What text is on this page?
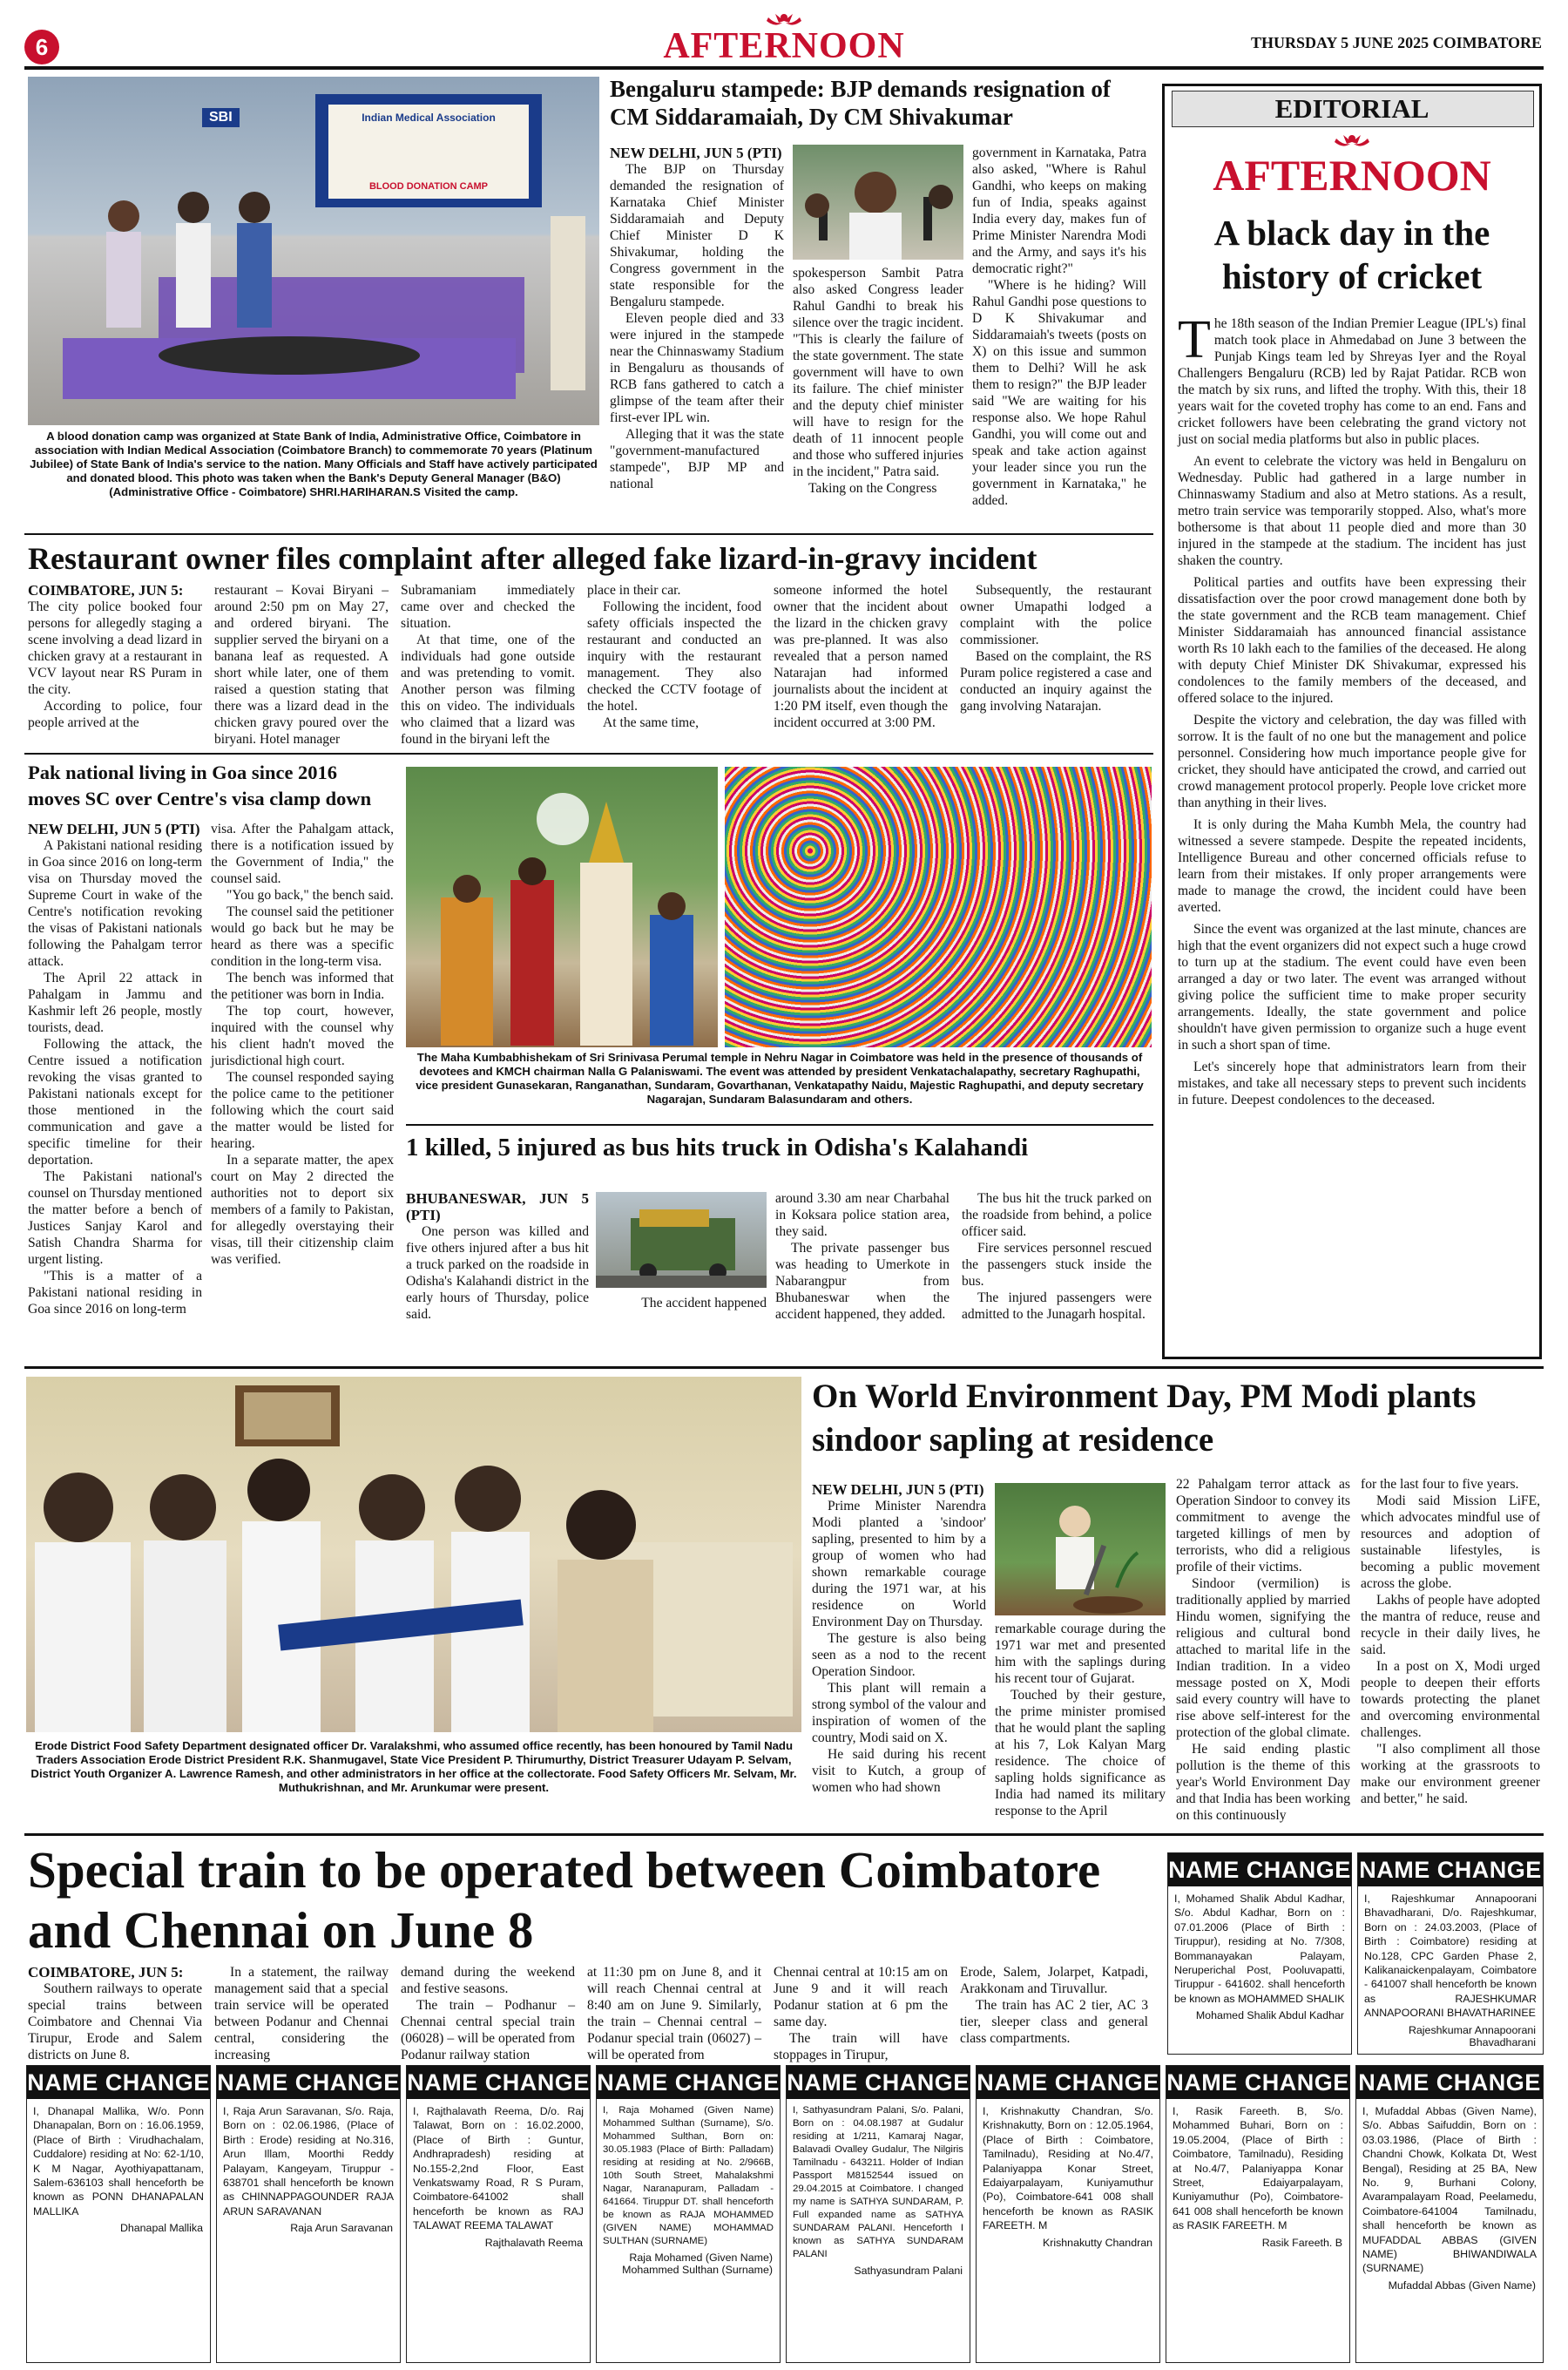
6	AFTERNOON	THURSDAY 5 JUNE 2025 COIMBATORE
SBI	Indian Medical Association
BLOOD DONATION CAMP
A blood donation camp was organized at State Bank of India, Administrative Office, Coimbatore in association with Indian Medical Association (Coimbatore Branch) to commemorate 70 years (Platinum Jubilee) of State Bank of India's service to the nation. Many Officials and Staff have actively participated and donated blood. This photo was taken when the Bank's Deputy General Manager (B&O) (Administrative Office - Coimbatore) SHRI.HARIHARAN.S Visited the camp.
Bengaluru stampede: BJP demands resignation of CM Siddaramaiah, Dy CM Shivakumar
NEW DELHI, JUN 5 (PTI)

The BJP on Thursday demanded the resignation of Karnataka Chief Minister Siddaramaiah and Deputy Chief Minister D K Shivakumar, holding the Congress government in the state responsible for the Bengaluru stampede.

Eleven people died and 33 were injured in the stampede near the Chinnaswamy Stadium in Bengaluru as thousands of RCB fans gathered to catch a glimpse of the team after their first-ever IPL win.

Alleging that it was the state "government-manufactured stampede", BJP MP and national

spokesperson Sambit Patra also asked Congress leader Rahul Gandhi to break his silence over the tragic incident. "This is clearly the failure of the state government. The state government will have to own its failure. The chief minister and the deputy chief minister will have to resign for the death of 11 innocent people and those who suffered injuries in the incident," Patra said.

Taking on the Congress

government in Karnataka, Patra also asked, "Where is Rahul Gandhi, who keeps on making fun of India, speaks against India every day, makes fun of Prime Minister Narendra Modi and the Army, and says it's his democratic right?"

"Where is he hiding? Will Rahul Gandhi pose questions to D K Shivakumar and Siddaramaiah's tweets (posts on X) on this issue and summon them to Delhi? Will he ask them to resign?" the BJP leader said "We are waiting for his response also. We hope Rahul Gandhi, you will come out and speak and take action against your leader since you run the government in Karnataka," he added.

EDITORIAL
AFTERNOON
A black day in the history of cricket
T he 18th season of the Indian Premier League (IPL's) final match took place in Ahmedabad on June 3 between the Punjab Kings team led by Shreyas Iyer and the Royal Challengers Bengaluru (RCB) led by Rajat Patidar. RCB won the match by six runs, and lifted the trophy. With this, their 18 years wait for the coveted trophy has come to an end. Fans and cricket followers have been celebrating the grand victory not just on social media platforms but also in public places.

An event to celebrate the victory was held in Bengaluru on Wednesday. Public had gathered in a large number in Chinnaswamy Stadium and also at Metro stations. As a result, metro train service was temporarily stopped. Also, what's more bothersome is that about 11 people died and more than 30 injured in the stampede at the stadium. The incident has just shaken the country.

Political parties and outfits have been expressing their dissatisfaction over the poor crowd management done both by the state government and the RCB team management. Chief Minister Siddaramaiah has announced financial assistance worth Rs 10 lakh each to the families of the deceased. He along with deputy Chief Minister DK Shivakumar, expressed his condolences to the family members of the deceased, and offered solace to the injured.

Despite the victory and celebration, the day was filled with sorrow. It is the fault of no one but the management and police personnel. Considering how much importance people give for cricket, they should have anticipated the crowd, and carried out crowd management protocol properly. People love cricket more than anything in their lives.

It is only during the Maha Kumbh Mela, the country had witnessed a severe stampede. Despite the repeated incidents, Intelligence Bureau and other concerned officials refuse to learn from their mistakes. If only proper arrangements were made to manage the crowd, the incident could have been averted.

Since the event was organized at the last minute, chances are high that the event organizers did not expect such a huge crowd to turn up at the stadium. The event could have even been arranged a day or two later. The event was arranged without giving police the sufficient time to make proper security arrangements. Ideally, the state government and police shouldn't have given permission to organize such a huge event in such a short span of time.

Let's sincerely hope that administrators learn from their mistakes, and take all necessary steps to prevent such incidents in future. Deepest condolences to the deceased.

Restaurant owner files complaint after alleged fake lizard-in-gravy incident
COIMBATORE, JUN 5:

The city police booked four persons for allegedly staging a scene involving a dead lizard in chicken gravy at a restaurant in VCV layout near RS Puram in the city.

According to police, four people arrived at the

restaurant – Kovai Biryani – around 2:50 pm on May 27, and ordered biryani. The supplier served the biryani on a banana leaf as requested. A short while later, one of them raised a question stating that there was a lizard dead in the chicken gravy poured over the biryani. Hotel manager

Subramaniam immediately came over and checked the situation.

At that time, one of the individuals had gone outside and was pretending to vomit. Another person was filming this on video. The individuals who claimed that a lizard was found in the biryani left the

place in their car.

Following the incident, food safety officials inspected the restaurant and conducted an inquiry with the restaurant management. They also checked the CCTV footage of the hotel.

At the same time,

someone informed the hotel owner that the incident about the lizard in the chicken gravy was pre-planned. It was also revealed that a person named Natarajan had informed journalists about the incident at 1:20 PM itself, even though the incident occurred at 3:00 PM.

Subsequently, the restaurant owner Umapathi lodged a complaint with the police commissioner.

Based on the complaint, the RS Puram police registered a case and conducted an inquiry against the gang involving Natarajan.

Pak national living in Goa since 2016 moves SC over Centre's visa clamp down
NEW DELHI, JUN 5 (PTI)

A Pakistani national residing in Goa since 2016 on long-term visa on Thursday moved the Supreme Court in wake of the Centre's notification revoking the visas of Pakistani nationals following the Pahalgam terror attack.

The April 22 attack in Pahalgam in Jammu and Kashmir left 26 people, mostly tourists, dead.

Following the attack, the Centre issued a notification revoking the visas granted to Pakistani nationals except for those mentioned in the communication and gave a specific timeline for their deportation.

The Pakistani national's counsel on Thursday mentioned the matter before a bench of Justices Sanjay Karol and Satish Chandra Sharma for urgent listing.

"This is a matter of a Pakistani national residing in Goa since 2016 on long-term

visa. After the Pahalgam attack, there is a notification issued by the Government of India," the counsel said.

"You go back," the bench said.

The counsel said the petitioner would go back but he may be heard as there was a specific condition in the long-term visa.

The bench was informed that the petitioner was born in India.

The top court, however, inquired with the counsel why his client hadn't moved the jurisdictional high court.

The counsel responded saying the police came to the petitioner following which the court said the matter would be listed for hearing.

In a separate matter, the apex court on May 2 directed the authorities not to deport six members of a family to Pakistan, for allegedly overstaying their visas, till their citizenship claim was verified.

The Maha Kumbabhishekam of Sri Srinivasa Perumal temple in Nehru Nagar in Coimbatore was held in the presence of thousands of devotees and KMCH chairman Nalla G Palaniswami. The event was attended by president Venkatachalapathy, secretary Raghupathi, vice president Gunasekaran, Ranganathan, Sundaram, Govarthanan, Venkatapathy Naidu, Majestic Raghupathi, and deputy secretary Nagarajan, Sundaram Balasundaram and others.
1 killed, 5 injured as bus hits truck in Odisha's Kalahandi
BHUBANESWAR, JUN 5 (PTI)

One person was killed and five others injured after a bus hit a truck parked on the roadside in Odisha's Kalahandi district in the early hours of Thursday, police said.

The accident happened

around 3.30 am near Charbahal in Koksara police station area, they said.

The private passenger bus was heading to Umerkote in Nabarangpur from Bhubaneswar when the accident happened, they added.

The bus hit the truck parked on the roadside from behind, a police officer said.

Fire services personnel rescued the passengers stuck inside the bus.

The injured passengers were admitted to the Junagarh hospital.

Erode District Food Safety Department designated officer Dr. Varalakshmi, who assumed office recently, has been honoured by Tamil Nadu Traders Association Erode District President R.K. Shanmugavel, State Vice President P. Thirumurthy, District Treasurer Udayam P. Selvam, District Youth Organizer A. Lawrence Ramesh, and other administrators in her office at the collectorate. Food Safety Officers Mr. Selvam, Mr. Muthukrishnan, and Mr. Arunkumar were present.
On World Environment Day, PM Modi plants sindoor sapling at residence
NEW DELHI, JUN 5 (PTI)

Prime Minister Narendra Modi planted a 'sindoor' sapling, presented to him by a group of women who had shown remarkable courage during the 1971 war, at his residence on World Environment Day on Thursday.

The gesture is also being seen as a nod to the recent Operation Sindoor.

This plant will remain a strong symbol of the valour and inspiration of women of the country, Modi said on X.

He said during his recent visit to Kutch, a group of women who had shown

remarkable courage during the 1971 war met and presented him with the saplings during his recent tour of Gujarat.

Touched by their gesture, the prime minister promised that he would plant the sapling at his 7, Lok Kalyan Marg residence. The choice of sapling holds significance as India had named its military response to the April

22 Pahalgam terror attack as Operation Sindoor to convey its commitment to avenge the targeted killings of men by terrorists, who did a religious profile of their victims.

Sindoor (vermilion) is traditionally applied by married Hindu women, signifying the religious and cultural bond attached to marital life in the Indian tradition. In a video message posted on X, Modi said every country will have to rise above self-interest for the protection of the global climate.

He said ending plastic pollution is the theme of this year's World Environment Day and that India has been working on this continuously

for the last four to five years.

Modi said Mission LiFE, which advocates mindful use of resources and adoption of sustainable lifestyles, is becoming a public movement across the globe.

Lakhs of people have adopted the mantra of reduce, reuse and recycle in their daily lives, he said.

In a post on X, Modi urged people to deepen their efforts towards protecting the planet and overcoming environmental challenges.

"I also compliment all those working at the grassroots to make our environment greener and better," he said.

Special train to be operated between Coimbatore and Chennai on June 8
COIMBATORE, JUN 5:

Southern railways to operate special trains between Coimbatore and Chennai Via Tirupur, Erode and Salem districts on June 8.

In a statement, the railway management said that a special train service will be operated between Podanur and Chennai central, considering the increasing

demand during the weekend and festive seasons.

The train – Podhanur – Chennai central special train (06028) – will be operated from Podanur railway station

at 11:30 pm on June 8, and it will reach Chennai central at 8:40 am on June 9. Similarly, the train – Chennai central – Podanur special train (06027) – will be operated from

Chennai central at 10:15 am on June 9 and it will reach Podanur station at 6 pm the same day.

The train will have stoppages in Tirupur,

Erode, Salem, Jolarpet, Katpadi, Arakkonam and Tiruvallur.

The train has AC 2 tier, AC 3 tier, sleeper class and general class compartments.

NAME CHANGE
I, Mohamed Shalik Abdul Kadhar, S/o. Abdul Kadhar, Born on : 07.01.2006 (Place of Birth : Tiruppur), residing at No. 7/308, Bommanayakan Palayam, Neruperichal Post, Pooluvapatti, Tiruppur - 641602. shall henceforth be known as MOHAMMED SHALIK
Mohamed Shalik Abdul Kadhar
NAME CHANGE
I, Rajeshkumar Annapoorani Bhavadharani, D/o. Rajeshkumar, Born on : 24.03.2003, (Place of Birth : Coimbatore) residing at No.128, CPC Garden Phase 2, Kalikanaickenpalayam, Coimbatore - 641007 shall henceforth be known as RAJESHKUMAR ANNAPOORANI BHAVATHARINEE
Rajeshkumar Annapoorani Bhavadharani
NAME CHANGE
I, Dhanapal Mallika, W/o. Ponn Dhanapalan, Born on : 16.06.1959, (Place of Birth : Virudhachalam, Cuddalore) residing at No: 62-1/10, K M Nagar, Ayothiyapattanam, Salem-636103 shall henceforth be known as PONN DHANAPALAN MALLIKA
Dhanapal Mallika
NAME CHANGE
I, Raja Arun Saravanan, S/o. Raja, Born on : 02.06.1986, (Place of Birth : Erode) residing at No.316, Arun Illam, Moorthi Reddy Palayam, Kangeyam, Tiruppur - 638701 shall henceforth be known as CHINNAPPAGOUNDER RAJA ARUN SARAVANAN
Raja Arun Saravanan
NAME CHANGE
I, Rajthalavath Reema, D/o. Raj Talawat, Born on : 16.02.2000, (Place of Birth : Guntur, Andhrapradesh) residing at No.155-2,2nd Floor, East Venkatswamy Road, R S Puram, Coimbatore-641002 shall henceforth be known as RAJ TALAWAT REEMA TALAWAT
Rajthalavath Reema
NAME CHANGE
I, Raja Mohamed (Given Name) Mohammed Sulthan (Surname), S/o. Mohammed Sulthan, Born on: 30.05.1983 (Place of Birth: Palladam) residing at residing at No. 2/966B, 10th South Street, Mahalakshmi Nagar, Naranapuram, Palladam - 641664. Tiruppur DT. shall henceforth be known as RAJA MOHAMMED (GIVEN NAME) MOHAMMAD SULTHAN (SURNAME)
Raja Mohamed (Given Name) Mohammed Sulthan (Surname)
NAME CHANGE
I, Sathyasundram Palani, S/o. Palani, Born on : 04.08.1987 at Gudalur residing at 1/211, Kamaraj Nagar, Balavadi Ovalley Gudalur, The Nilgiris Tamilnadu - 643211. Holder of Indian Passport M8152544 issued on 29.04.2015 at Coimbatore. I changed my name is SATHYA SUNDARAM, P. Full expanded name as SATHYA SUNDARAM PALANI. Henceforth I known as SATHYA SUNDARAM PALANI
Sathyasundram Palani
NAME CHANGE
I, Krishnakutty Chandran, S/o. Krishnakutty, Born on : 12.05.1964, (Place of Birth : Coimbatore, Tamilnadu), Residing at No.4/7, Palaniyappa Konar Street, Edaiyarpalayam, Kuniyamuthur (Po), Coimbatore-641 008 shall henceforth be known as RASIK FAREETH. M
Krishnakutty Chandran
NAME CHANGE
I, Rasik Fareeth. B, S/o. Mohammed Buhari, Born on : 19.05.2004, (Place of Birth : Coimbatore, Tamilnadu), Residing at No.4/7, Palaniyappa Konar Street, Edaiyarpalayam, Kuniyamuthur (Po), Coimbatore-641 008 shall henceforth be known as RASIK FAREETH. M
Rasik Fareeth. B
NAME CHANGE
I, Mufaddal Abbas (Given Name), S/o. Abbas Saifuddin, Born on : 03.03.1986, (Place of Birth : Chandni Chowk, Kolkata Dt, West Bengal), Residing at 25 BA, New No. 9, Burhani Colony, Avarampalayam Road, Peelamedu, Coimbatore-641004 Tamilnadu, shall henceforth be known as MUFADDAL ABBAS (GIVEN NAME) BHIWANDIWALA (SURNAME)
Mufaddal Abbas (Given Name)
